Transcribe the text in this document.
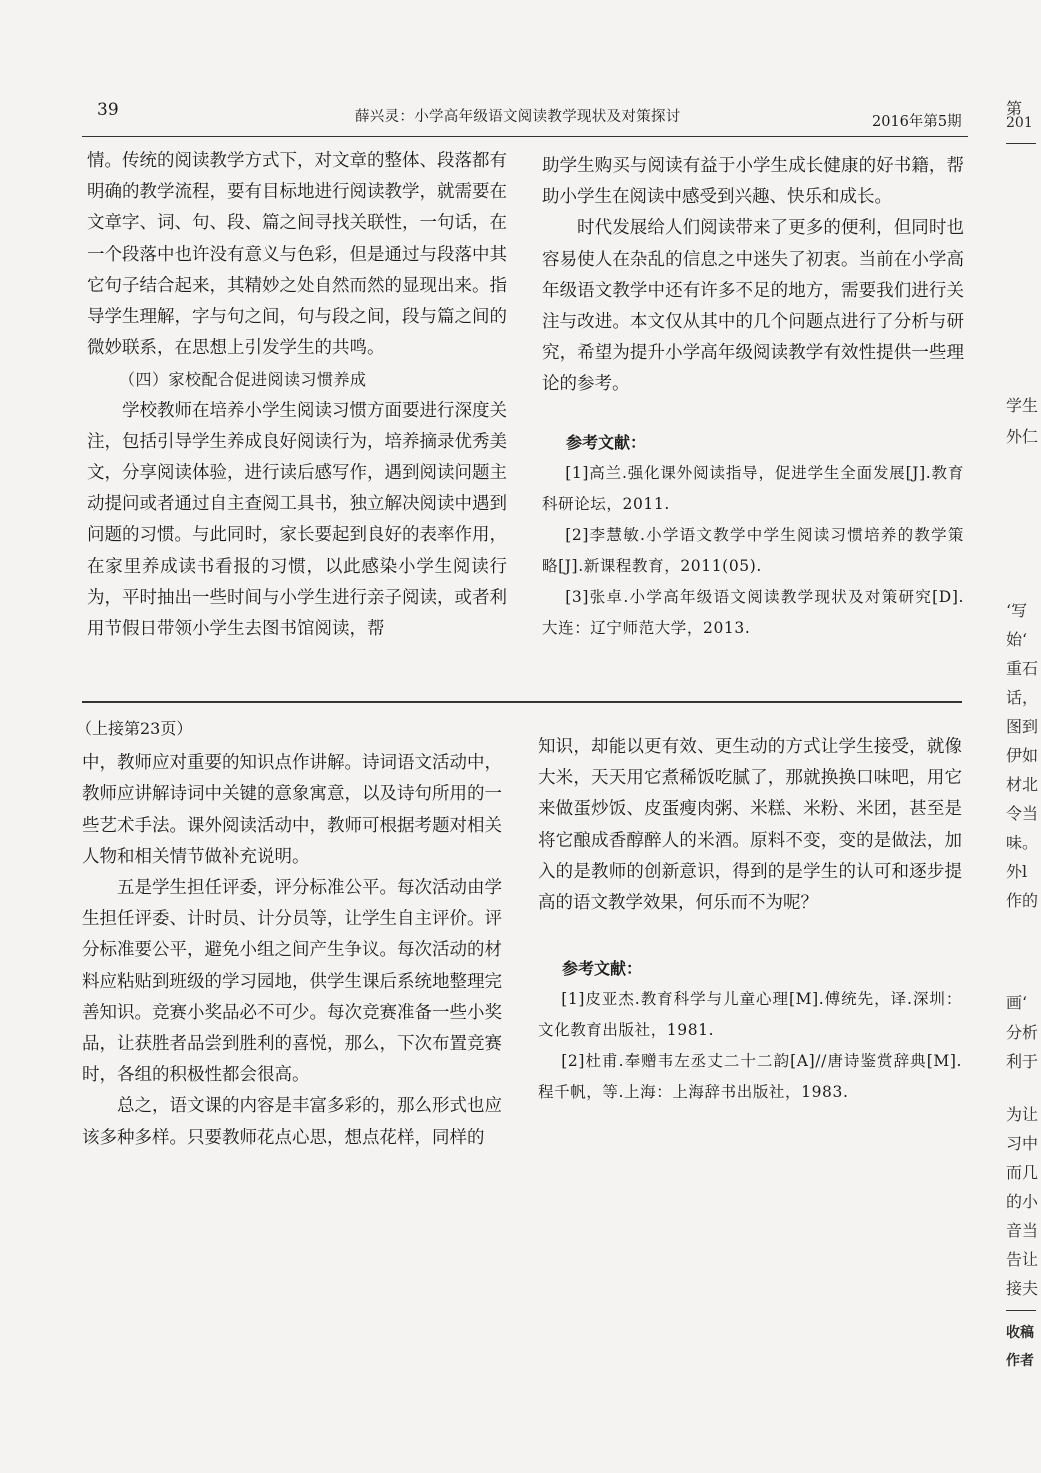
39	薛兴灵：小学高年级语文阅读教学现状及对策探讨	2016年第5期

情。传统的阅读教学方式下，对文章的整体、段落都有明确的教学流程，要有目标地进行阅读教学，就需要在文章字、词、句、段、篇之间寻找关联性，一句话，在一个段落中也许没有意义与色彩，但是通过与段落中其它句子结合起来，其精妙之处自然而然的显现出来。指导学生理解，字与句之间，句与段之间，段与篇之间的微妙联系，在思想上引发学生的共鸣。

（四）家校配合促进阅读习惯养成

学校教师在培养小学生阅读习惯方面要进行深度关注，包括引导学生养成良好阅读行为，培养摘录优秀美文，分享阅读体验，进行读后感写作，遇到阅读问题主动提问或者通过自主查阅工具书，独立解决阅读中遇到问题的习惯。与此同时，家长要起到良好的表率作用，在家里养成读书看报的习惯，以此感染小学生阅读行为，平时抽出一些时间与小学生进行亲子阅读，或者利用节假日带领小学生去图书馆阅读，帮

助学生购买与阅读有益于小学生成长健康的好书籍，帮助小学生在阅读中感受到兴趣、快乐和成长。

时代发展给人们阅读带来了更多的便利，但同时也容易使人在杂乱的信息之中迷失了初衷。当前在小学高年级语文教学中还有许多不足的地方，需要我们进行关注与改进。本文仅从其中的几个问题点进行了分析与研究，希望为提升小学高年级阅读教学有效性提供一些理论的参考。

参考文献：

[1]高兰.强化课外阅读指导，促进学生全面发展[J].教育科研论坛，2011.

[2]李慧敏.小学语文教学中学生阅读习惯培养的教学策略[J].新课程教育，2011(05).

[3]张卓.小学高年级语文阅读教学现状及对策研究[D].大连：辽宁师范大学，2013.

（上接第23页）

中，教师应对重要的知识点作讲解。诗词语文活动中，教师应讲解诗词中关键的意象寓意，以及诗句所用的一些艺术手法。课外阅读活动中，教师可根据考题对相关人物和相关情节做补充说明。

五是学生担任评委，评分标准公平。每次活动由学生担任评委、计时员、计分员等，让学生自主评价。评分标准要公平，避免小组之间产生争议。每次活动的材料应粘贴到班级的学习园地，供学生课后系统地整理完善知识。竞赛小奖品必不可少。每次竞赛准备一些小奖品，让获胜者品尝到胜利的喜悦，那么，下次布置竞赛时，各组的积极性都会很高。

总之，语文课的内容是丰富多彩的，那么形式也应该多种多样。只要教师花点心思，想点花样，同样的

知识，却能以更有效、更生动的方式让学生接受，就像大米，天天用它煮稀饭吃腻了，那就换换口味吧，用它来做蛋炒饭、皮蛋瘦肉粥、米糕、米粉、米团，甚至是将它酿成香醇醉人的米酒。原料不变，变的是做法，加入的是教师的创新意识，得到的是学生的认可和逐步提高的语文教学效果，何乐而不为呢？

参考文献：

[1]皮亚杰.教育科学与儿童心理[M].傅统先，译.深圳：文化教育出版社，1981.

[2]杜甫.奉赠韦左丞丈二十二韵[A]//唐诗鉴赏辞典[M].程千帆，等.上海：上海辞书出版社，1983.

第
201
学生
外仁
‘写
始‘
重石
话，
图到
伊如
材北
令当
味。
外l
作的
画‘
分析
利于
为让
习中
而几
的小
音当
告让
接夫
收稿
作者
